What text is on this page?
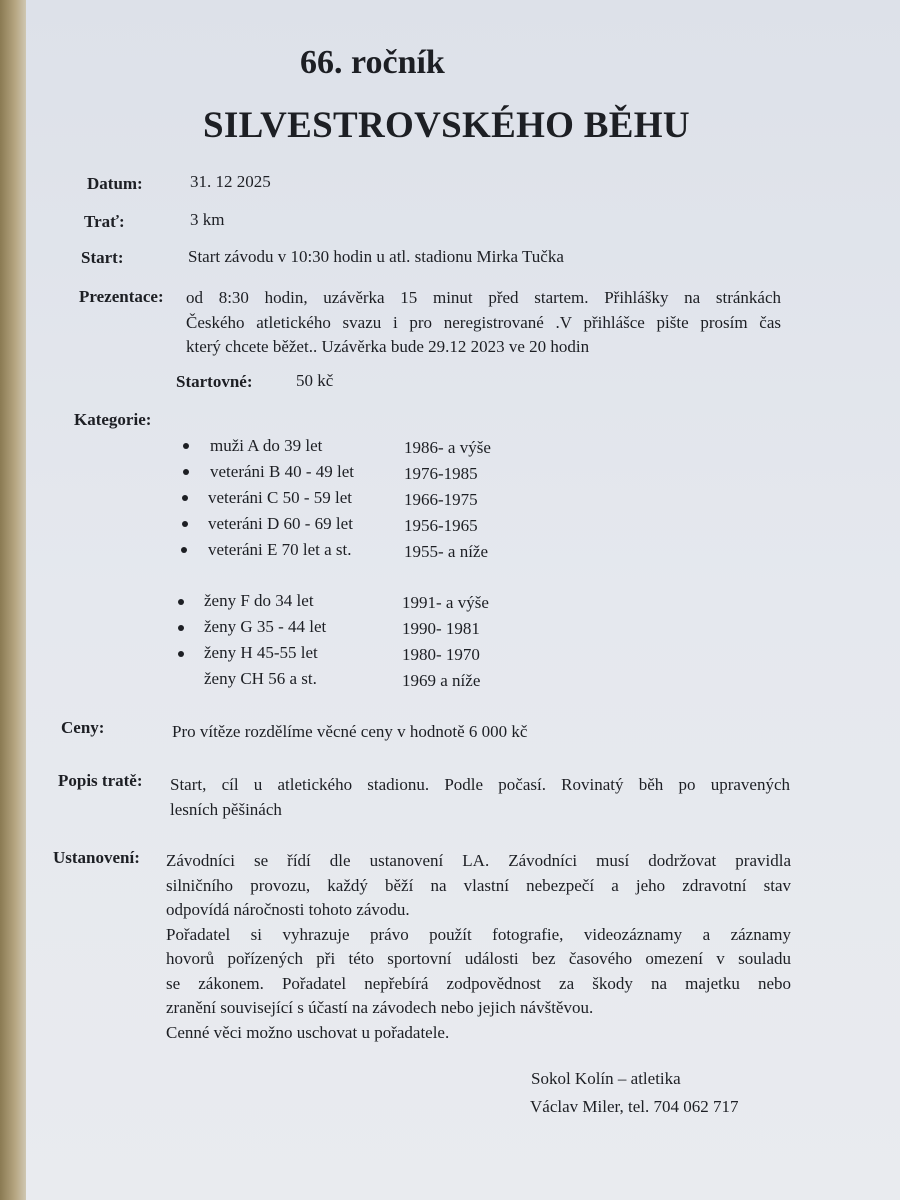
66. ročník
SILVESTROVSKÉHO BĚHU
Datum:	31. 12 2025
Trať:	3 km
Start:	Start závodu v 10:30 hodin u atl. stadionu Mirka Tučka
Prezentace: od 8:30 hodin, uzávěrka 15 minut před startem. Přihlášky na stránkách
Českého atletického svazu i pro neregistrované .V přihlášce pište prosím čas
který chcete běžet.. Uzávěrka bude 29.12 2023 ve 20 hodin
Startovné:	50 kč
Kategorie:
muži A do 39 let	1986- a výše
veteráni B 40 - 49 let	1976-1985
veteráni C 50 - 59 let	1966-1975
veteráni D 60 - 69 let	1956-1965
veteráni E 70 let a st.	1955- a níže
ženy F do 34 let	1991- a výše
ženy G 35 - 44 let	1990- 1981
ženy H 45-55 let	1980- 1970
ženy CH 56 a st.	1969 a níže
Ceny:	Pro vítěze rozdělíme věcné ceny v hodnotě 6 000 kč
Popis tratě: Start, cíl u atletického stadionu. Podle počasí. Rovinatý běh po upravených
lesních pěšinách
Ustanovení: Závodníci se řídí dle ustanovení LA. Závodníci musí dodržovat pravidla
silničního provozu, každý běží na vlastní nebezpečí a jeho zdravotní stav
odpovídá náročnosti tohoto závodu.
Pořadatel si vyhrazuje právo použít fotografie, videozáznamy a záznamy
hovorů pořízených při této sportovní události bez časového omezení v souladu
se zákonem. Pořadatel nepřebírá zodpovědnost za škody na majetku nebo
zranění související s účastí na závodech nebo jejich návštěvou.
Cenné věci možno uschovat u pořadatele.
Sokol Kolín – atletika
Václav Miler, tel. 704 062 717
